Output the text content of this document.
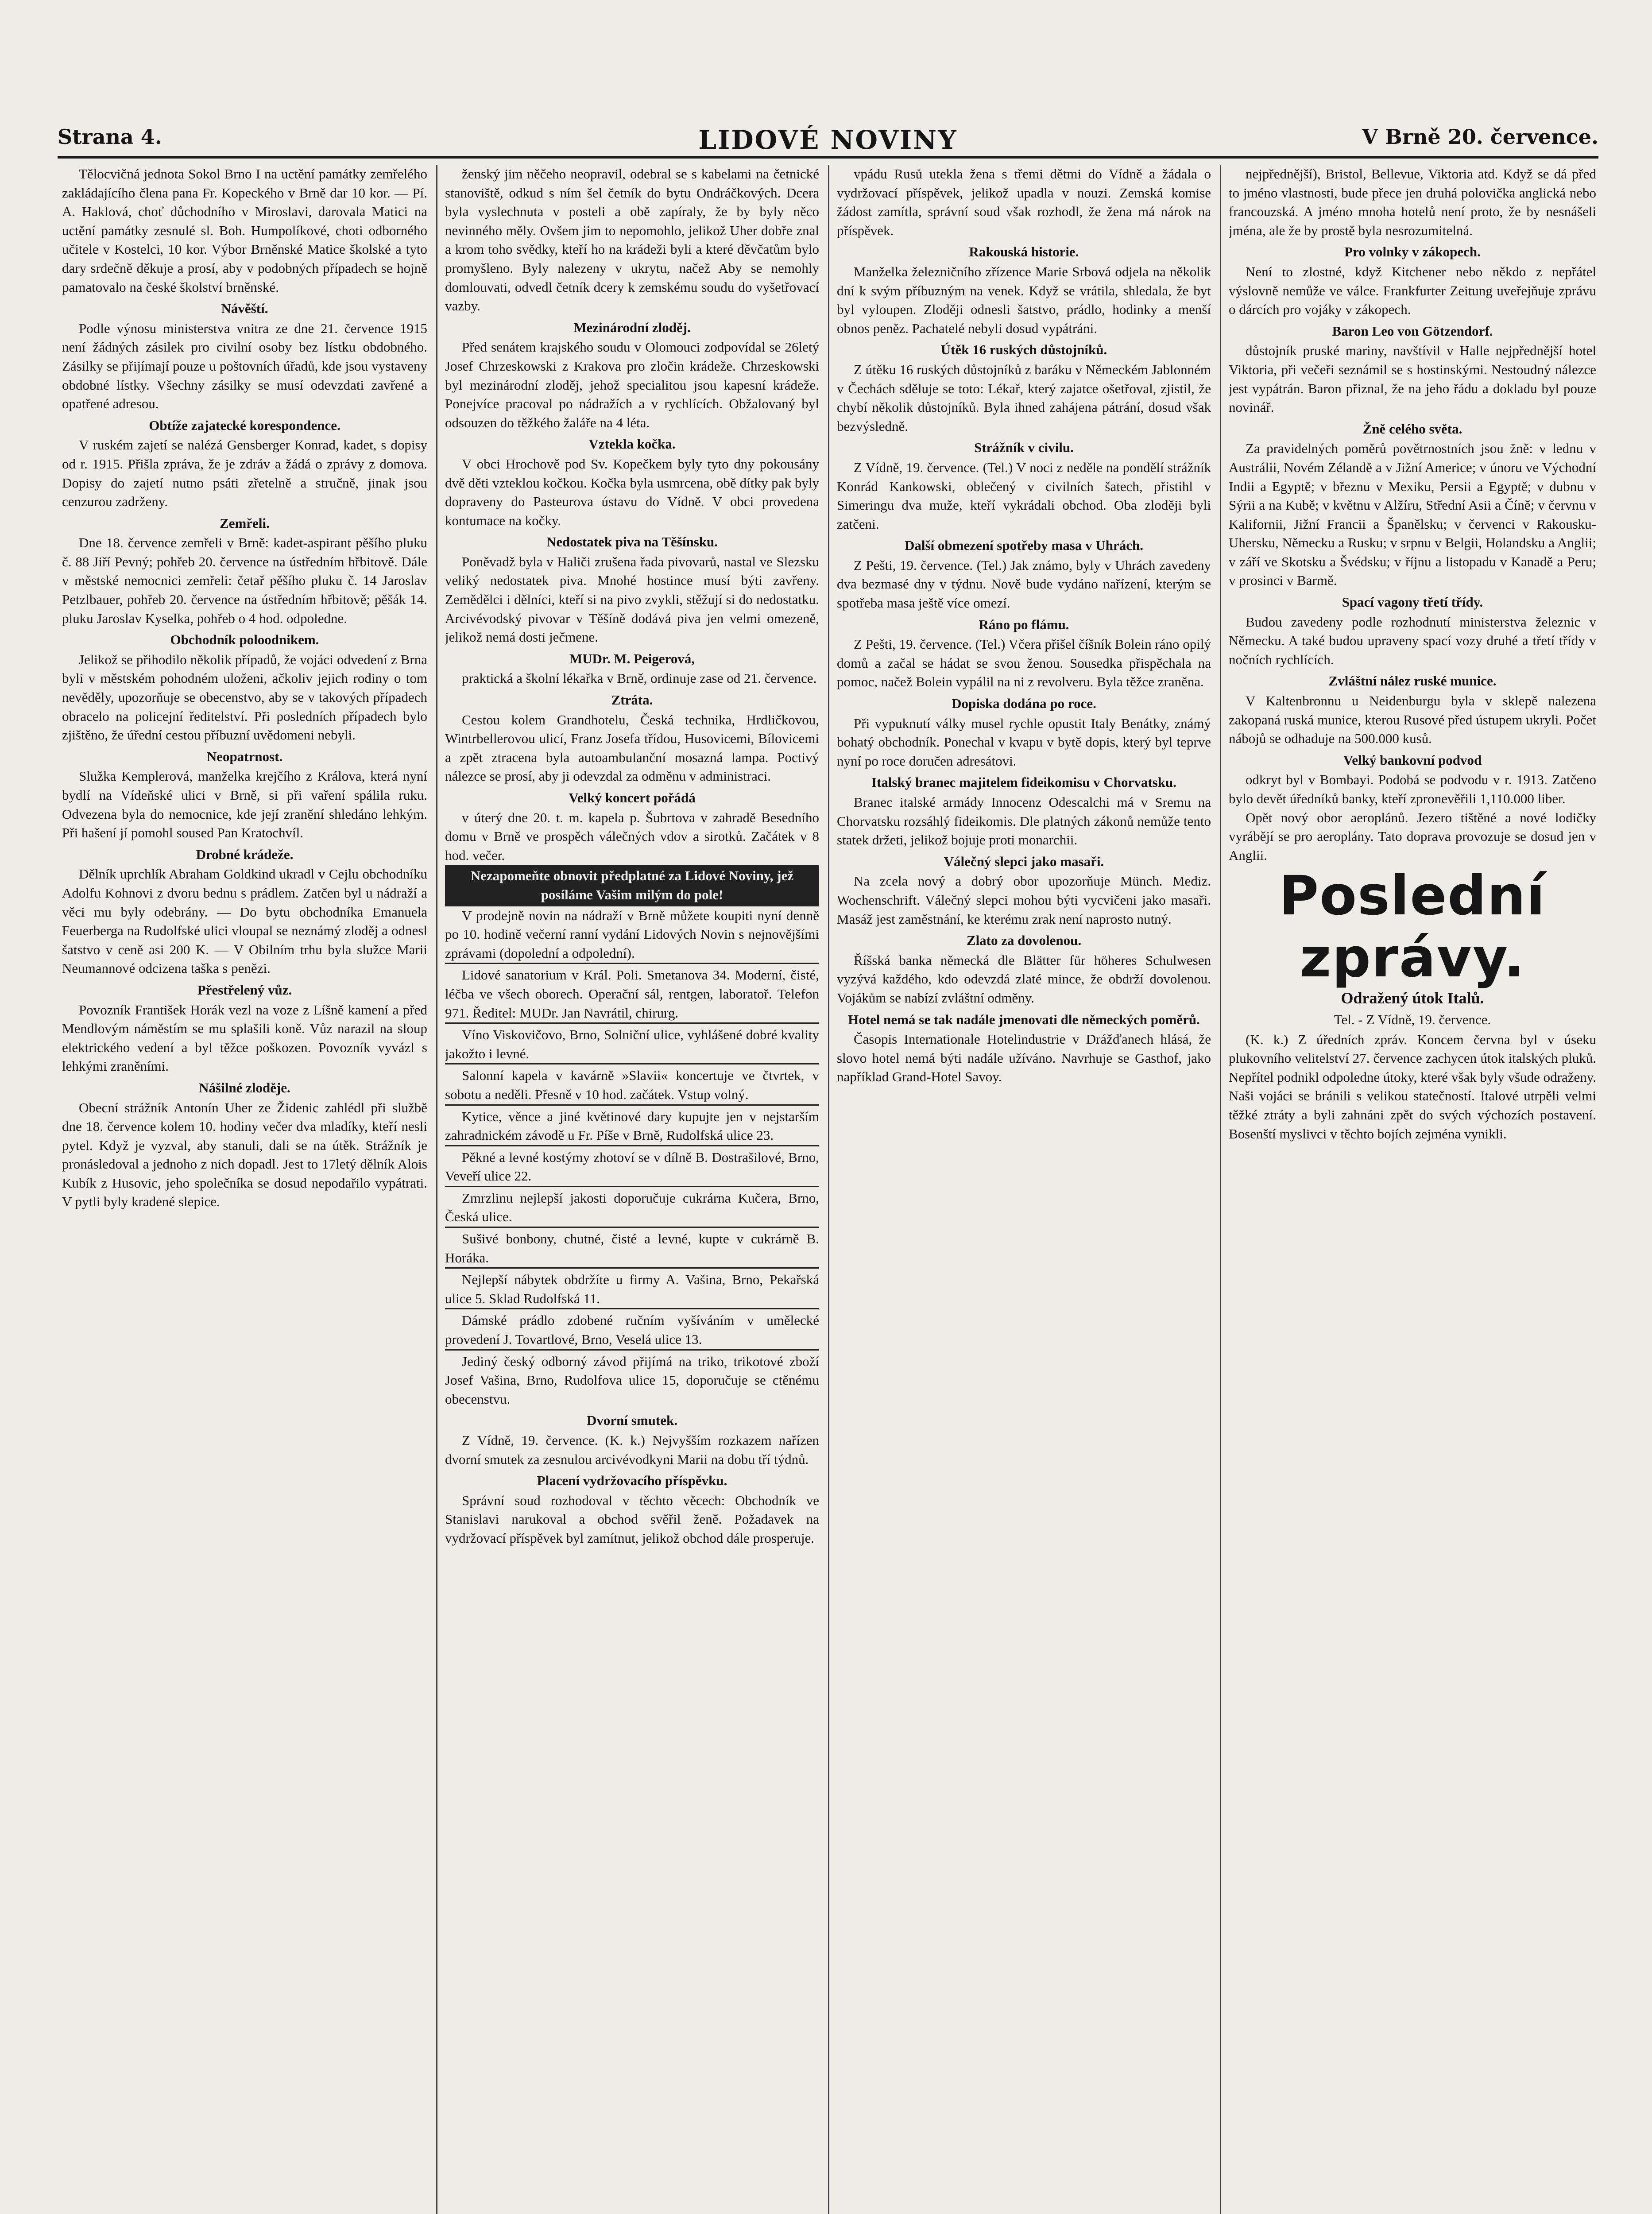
Strana 4.	LIDOVÉ NOVINY	V Brně 20. července.

Tělocvičná jednota Sokol Brno I na uctění památky zemřelého zakládajícího člena pana Fr. Kopeckého v Brně dar 10 kor. — Pí. A. Haklová, choť důchodního v Miroslavi, darovala Matici na uctění památky zesnulé sl. Boh. Humpolíkové, choti odborného učitele v Kostelci, 10 kor. Výbor Brněnské Matice školské a tyto dary srdečně děkuje a prosí, aby v podobných případech se hojně pamatovalo na české školství brněnské.

Návěští.

Podle výnosu ministerstva vnitra ze dne 21. července 1915 není žádných zásilek pro civilní osoby bez lístku obdobného. Zásilky se přijímají pouze u poštovních úřadů, kde jsou vystaveny obdobné lístky. Všechny zásilky se musí odevzdati zavřené a opatřené adresou.

Obtíže zajatecké korespondence.

V ruském zajetí se nalézá Gensberger Konrad, kadet, s dopisy od r. 1915. Přišla zpráva, že je zdráv a žádá o zprávy z domova. Dopisy do zajetí nutno psáti zřetelně a stručně, jinak jsou cenzurou zadrženy.

Zemřeli.

Dne 18. července zemřeli v Brně: kadet-aspirant pěšího pluku č. 88 Jiří Pevný; pohřeb 20. července na ústředním hřbitově. Dále v městské nemocnici zemřeli: četař pěšího pluku č. 14 Jaroslav Petzlbauer, pohřeb 20. července na ústředním hřbitově; pěšák 14. pluku Jaroslav Kyselka, pohřeb o 4 hod. odpoledne.

Obchodník poloodnikem.

Jelikož se přihodilo několik případů, že vojáci odvedení z Brna byli v městském pohodném uloženi, ačkoliv jejich rodiny o tom nevěděly, upozorňuje se obecenstvo, aby se v takových případech obracelo na policejní ředitelství. Při posledních případech bylo zjištěno, že úřední cestou příbuzní uvědomeni nebyli.

Neopatrnost.

Služka Kemplerová, manželka krejčího z Králova, která nyní bydlí na Vídeňské ulici v Brně, si při vaření spálila ruku. Odvezena byla do nemocnice, kde její zranění shledáno lehkým. Při hašení jí pomohl soused Pan Kratochvíl.

Drobné krádeže.

Dělník uprchlík Abraham Goldkind ukradl v Cejlu obchodníku Adolfu Kohnovi z dvoru bednu s prádlem. Zatčen byl u nádraží a věci mu byly odebrány. — Do bytu obchodníka Emanuela Feuerberga na Rudolfské ulici vloupal se neznámý zloděj a odnesl šatstvo v ceně asi 200 K. — V Obilním trhu byla služce Marii Neumannové odcizena taška s penězi.

Přestřelený vůz.

Povozník František Horák vezl na voze z Líšně kamení a před Mendlovým náměstím se mu splašili koně. Vůz narazil na sloup elektrického vedení a byl těžce poškozen. Povozník vyvázl s lehkými zraněními.

Nášilné zloděje.

Obecní strážník Antonín Uher ze Židenic zahlédl při službě dne 18. července kolem 10. hodiny večer dva mladíky, kteří nesli pytel. Když je vyzval, aby stanuli, dali se na útěk. Strážník je pronásledoval a jednoho z nich dopadl. Jest to 17letý dělník Alois Kubík z Husovic, jeho společníka se dosud nepodařilo vypátrati. V pytli byly kradené slepice.

ženský jim něčeho neopravil, odebral se s kabelami na četnické stanoviště, odkud s ním šel četník do bytu Ondráčkových. Dcera byla vyslechnuta v posteli a obě zapíraly, že by byly něco nevinného měly. Ovšem jim to nepomohlo, jelikož Uher dobře znal a krom toho svědky, kteří ho na krádeži byli a které děvčatům bylo promyšleno. Byly nalezeny v ukrytu, načež Aby se nemohly domlouvati, odvedl četník dcery k zemskému soudu do vyšetřovací vazby.

Mezinárodní zloděj.

Před senátem krajského soudu v Olomouci zodpovídal se 26letý Josef Chrzeskowski z Krakova pro zločin krádeže. Chrzeskowski byl mezinárodní zloděj, jehož specialitou jsou kapesní krádeže. Ponejvíce pracoval po nádražích a v rychlících. Obžalovaný byl odsouzen do těžkého žaláře na 4 léta.

Vztekla kočka.

V obci Hrochově pod Sv. Kopečkem byly tyto dny pokousány dvě děti vzteklou kočkou. Kočka byla usmrcena, obě dítky pak byly dopraveny do Pasteurova ústavu do Vídně. V obci provedena kontumace na kočky.

Nedostatek piva na Těšínsku.

Poněvadž byla v Haliči zrušena řada pivovarů, nastal ve Slezsku veliký nedostatek piva. Mnohé hostince musí býti zavřeny. Zemědělci i dělníci, kteří si na pivo zvykli, stěžují si do nedostatku. Arcivévodský pivovar v Těšíně dodává piva jen velmi omezeně, jelikož nemá dosti ječmene.

MUDr. M. Peigerová,

praktická a školní lékařka v Brně, ordinuje zase od 21. července.

Ztráta.

Cestou kolem Grandhotelu, Česká technika, Hrdličkovou, Wintrbellerovou ulicí, Franz Josefa třídou, Husovicemi, Bílovicemi a zpět ztracena byla autoambulanční mosazná lampa. Poctivý nálezce se prosí, aby ji odevzdal za odměnu v administraci.

Velký koncert pořádá

v úterý dne 20. t. m. kapela p. Šubrtova v zahradě Besedního domu v Brně ve prospěch válečných vdov a sirotků. Začátek v 8 hod. večer.

Nezapomeňte obnovit předplatné za Lidové Noviny, jež posíláme Vašim milým do pole!

V prodejně novin na nádraží v Brně můžete koupiti nyní denně po 10. hodině večerní ranní vydání Lidových Novin s nejnovějšími zprávami (dopolední a odpolední).

Lidové sanatorium v Král. Poli. Smetanova 34. Moderní, čisté, léčba ve všech oborech. Operační sál, rentgen, laboratoř. Telefon 971. Ředitel: MUDr. Jan Navrátil, chirurg.

Víno Viskovičovo, Brno, Solniční ulice, vyhlášené dobré kvality jakožto i levné.

Salonní kapela v kavárně »Slavii« koncertuje ve čtvrtek, v sobotu a neděli. Přesně v 10 hod. začátek. Vstup volný.

Kytice, věnce a jiné květinové dary kupujte jen v nejstarším zahradnickém závodě u Fr. Píše v Brně, Rudolfská ulice 23.

Pěkné a levné kostýmy zhotoví se v dílně B. Dostrašilové, Brno, Veveří ulice 22.

Zmrzlinu nejlepší jakosti doporučuje cukrárna Kučera, Brno, Česká ulice.

Sušivé bonbony, chutné, čisté a levné, kupte v cukrárně B. Horáka.

Nejlepší nábytek obdržíte u firmy A. Vašina, Brno, Pekařská ulice 5. Sklad Rudolfská 11.

Dámské prádlo zdobené ručním vyšíváním v umělecké provedení J. Tovartlové, Brno, Veselá ulice 13.

Jediný český odborný závod přijímá na triko, trikotové zboží Josef Vašina, Brno, Rudolfova ulice 15, doporučuje se ctěnému obecenstvu.

Dvorní smutek.

Z Vídně, 19. července. (K. k.) Nejvyšším rozkazem nařízen dvorní smutek za zesnulou arcivévodkyni Marii na dobu tří týdnů.

Placení vydržovacího příspěvku.

Správní soud rozhodoval v těchto věcech: Obchodník ve Stanislavi narukoval a obchod svěřil ženě. Požadavek na vydržovací příspěvek byl zamítnut, jelikož obchod dále prosperuje.

vpádu Rusů utekla žena s třemi dětmi do Vídně a žádala o vydržovací příspěvek, jelikož upadla v nouzi. Zemská komise žádost zamítla, správní soud však rozhodl, že žena má nárok na příspěvek.

Rakouská historie.

Manželka železničního zřízence Marie Srbová odjela na několik dní k svým příbuzným na venek. Když se vrátila, shledala, že byt byl vyloupen. Zloději odnesli šatstvo, prádlo, hodinky a menší obnos peněz. Pachatelé nebyli dosud vypátráni.

Útěk 16 ruských důstojníků.

Z útěku 16 ruských důstojníků z baráku v Německém Jablonném v Čechách sděluje se toto: Lékař, který zajatce ošetřoval, zjistil, že chybí několik důstojníků. Byla ihned zahájena pátrání, dosud však bezvýsledně.

Strážník v civilu.

Z Vídně, 19. července. (Tel.) V noci z neděle na pondělí strážník Konrád Kankowski, oblečený v civilních šatech, přistihl v Simeringu dva muže, kteří vykrádali obchod. Oba zloději byli zatčeni.

Další obmezení spotřeby masa v Uhrách.

Z Pešti, 19. července. (Tel.) Jak známo, byly v Uhrách zavedeny dva bezmasé dny v týdnu. Nově bude vydáno nařízení, kterým se spotřeba masa ještě více omezí.

Ráno po flámu.

Z Pešti, 19. července. (Tel.) Včera přišel číšník Bolein ráno opilý domů a začal se hádat se svou ženou. Sousedka přispěchala na pomoc, načež Bolein vypálil na ni z revolveru. Byla těžce zraněna.

Dopiska dodána po roce.

Při vypuknutí války musel rychle opustit Italy Benátky, známý bohatý obchodník. Ponechal v kvapu v bytě dopis, který byl teprve nyní po roce doručen adresátovi.

Italský branec majitelem fideikomisu v Chorvatsku.

Branec italské armády Innocenz Odescalchi má v Sremu na Chorvatsku rozsáhlý fideikomis. Dle platných zákonů nemůže tento statek držeti, jelikož bojuje proti monarchii.

Válečný slepci jako masaři.

Na zcela nový a dobrý obor upozorňuje Münch. Mediz. Wochenschrift. Válečný slepci mohou býti vycvičeni jako masaři. Masáž jest zaměstnání, ke kterému zrak není naprosto nutný.

Zlato za dovolenou.

Říšská banka německá dle Blätter für höheres Schulwesen vyzývá každého, kdo odevzdá zlaté mince, že obdrží dovolenou. Vojákům se nabízí zvláštní odměny.

Hotel nemá se tak nadále jmenovati dle německých poměrů.

Časopis Internationale Hotelindustrie v Drážďanech hlásá, že slovo hotel nemá býti nadále užíváno. Navrhuje se Gasthof, jako například Grand-Hotel Savoy.

nejpřednější), Bristol, Bellevue, Viktoria atd. Když se dá před to jméno vlastnosti, bude přece jen druhá polovička anglická nebo francouzská. A jméno mnoha hotelů není proto, že by nesnášeli jména, ale že by prostě byla nesrozumitelná.

Pro volnky v zákopech.

Není to zlostné, když Kitchener nebo někdo z nepřátel výslovně nemůže ve válce. Frankfurter Zeitung uveřejňuje zprávu o dárcích pro vojáky v zákopech.

Baron Leo von Götzendorf.

důstojník pruské mariny, navštívil v Halle nejpřednější hotel Viktoria, při večeři seznámil se s hostinskými. Nestoudný nálezce jest vypátrán. Baron přiznal, že na jeho řádu a dokladu byl pouze novinář.

Žně celého světa.

Za pravidelných poměrů povětrnostních jsou žně: v lednu v Austrálii, Novém Zélandě a v Jižní Americe; v únoru ve Východní Indii a Egyptě; v březnu v Mexiku, Persii a Egyptě; v dubnu v Sýrii a na Kubě; v květnu v Alžíru, Střední Asii a Číně; v červnu v Kalifornii, Jižní Francii a Španělsku; v červenci v Rakousku-Uhersku, Německu a Rusku; v srpnu v Belgii, Holandsku a Anglii; v září ve Skotsku a Švédsku; v říjnu a listopadu v Kanadě a Peru; v prosinci v Barmě.

Spací vagony třetí třídy.

Budou zavedeny podle rozhodnutí ministerstva železnic v Německu. A také budou upraveny spací vozy druhé a třetí třídy v nočních rychlících.

Zvláštní nález ruské munice.

V Kaltenbronnu u Neidenburgu byla v sklepě nalezena zakopaná ruská munice, kterou Rusové před ústupem ukryli. Počet nábojů se odhaduje na 500.000 kusů.

Velký bankovní podvod

odkryt byl v Bombayi. Podobá se podvodu v r. 1913. Zatčeno bylo devět úředníků banky, kteří zpronevěřili 1,110.000 liber.

Opět nový obor aeroplánů. Jezero tištěné a nové lodičky vyrábějí se pro aeroplány. Tato doprava provozuje se dosud jen v Anglii.

Poslední zprávy.

Odražený útok Italů.

Tel. - Z Vídně, 19. července.

(K. k.) Z úředních zpráv. Koncem června byl v úseku plukovního velitelství 27. července zachycen útok italských pluků. Nepřítel podnikl odpoledne útoky, které však byly všude odraženy. Naši vojáci se bránili s velikou statečností. Italové utrpěli velmi těžké ztráty a byli zahnáni zpět do svých výchozích postavení. Bosenští myslivci v těchto bojích zejména vynikli.
